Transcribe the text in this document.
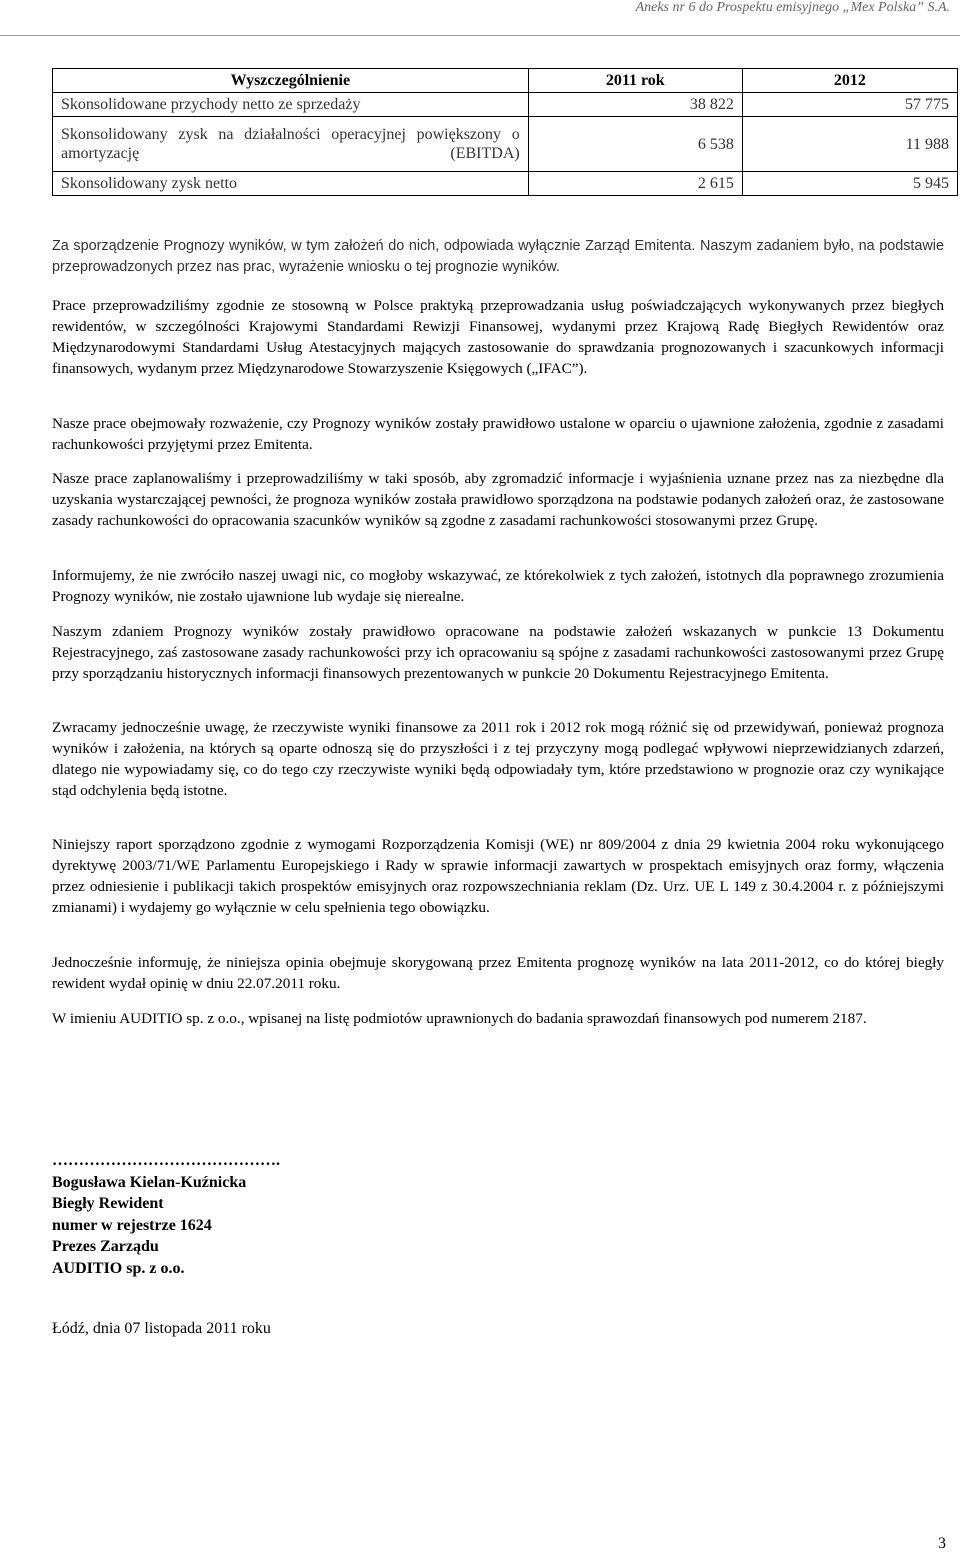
Aneks nr 6 do Prospektu emisyjnego „Mex Polska” S.A.
Wyszczególnienie	2011 rok	2012
Skonsolidowane przychody netto ze sprzedaży	38 822	57 775

Skonsolidowany zysk na działalności operacyjnej powiększony o amortyzację (EBITDA)	6 538	11 988
Skonsolidowany zysk netto	2 615	5 945

Za sporządzenie Prognozy wyników, w tym założeń do nich, odpowiada wyłącznie Zarząd Emitenta. Naszym zadaniem było, na podstawie przeprowadzonych przez nas prac, wyrażenie wniosku o tej prognozie wyników.

Prace przeprowadziliśmy zgodnie ze stosowną w Polsce praktyką przeprowadzania usług poświadczających wykonywanych przez biegłych rewidentów, w szczególności Krajowymi Standardami Rewizji Finansowej, wydanymi przez Krajową Radę Biegłych Rewidentów oraz Międzynarodowymi Standardami Usług Atestacyjnych mających zastosowanie do sprawdzania prognozowanych i szacunkowych informacji finansowych, wydanym przez Międzynarodowe Stowarzyszenie Księgowych („IFAC”).

Nasze prace obejmowały rozważenie, czy Prognozy wyników zostały prawidłowo ustalone w oparciu o ujawnione założenia, zgodnie z zasadami rachunkowości przyjętymi przez Emitenta.

Nasze prace zaplanowaliśmy i przeprowadziliśmy w taki sposób, aby zgromadzić informacje i wyjaśnienia uznane przez nas za niezbędne dla uzyskania wystarczającej pewności, że prognoza wyników została prawidłowo sporządzona na podstawie podanych założeń oraz, że zastosowane zasady rachunkowości do opracowania szacunków wyników są zgodne z zasadami rachunkowości stosowanymi przez Grupę.

Informujemy, że nie zwróciło naszej uwagi nic, co mogłoby wskazywać, ze którekolwiek z tych założeń, istotnych dla poprawnego zrozumienia Prognozy wyników, nie zostało ujawnione lub wydaje się nierealne.

Naszym zdaniem Prognozy wyników zostały prawidłowo opracowane na podstawie założeń wskazanych w punkcie 13 Dokumentu Rejestracyjnego, zaś zastosowane zasady rachunkowości przy ich opracowaniu są spójne z zasadami rachunkowości zastosowanymi przez Grupę przy sporządzaniu historycznych informacji finansowych prezentowanych w punkcie 20 Dokumentu Rejestracyjnego Emitenta.

Zwracamy jednocześnie uwagę, że rzeczywiste wyniki finansowe za 2011 rok i 2012 rok mogą różnić się od przewidywań, ponieważ prognoza wyników i założenia, na których są oparte odnoszą się do przyszłości i z tej przyczyny mogą podlegać wpływowi nieprzewidzianych zdarzeń, dlatego nie wypowiadamy się, co do tego czy rzeczywiste wyniki będą odpowiadały tym, które przedstawiono w prognozie oraz czy wynikające stąd odchylenia będą istotne.

Niniejszy raport sporządzono zgodnie z wymogami Rozporządzenia Komisji (WE) nr 809/2004 z dnia 29 kwietnia 2004 roku wykonującego dyrektywę 2003/71/WE Parlamentu Europejskiego i Rady w sprawie informacji zawartych w prospektach emisyjnych oraz formy, włączenia przez odniesienie i publikacji takich prospektów emisyjnych oraz rozpowszechniania reklam (Dz. Urz. UE L 149 z 30.4.2004 r. z późniejszymi zmianami) i wydajemy go wyłącznie w celu spełnienia tego obowiązku.

Jednocześnie informuję, że niniejsza opinia obejmuje skorygowaną przez Emitenta prognozę wyników na lata 2011-2012, co do której biegły rewident wydał opinię w dniu 22.07.2011 roku.

W imieniu AUDITIO sp. z o.o., wpisanej na listę podmiotów uprawnionych do badania sprawozdań finansowych pod numerem 2187.

…………………………………….
Bogusława Kielan-Kuźnicka
Biegły Rewident
numer w rejestrze 1624
Prezes Zarządu
AUDITIO sp. z o.o.
Łódź, dnia 07 listopada 2011 roku
3
